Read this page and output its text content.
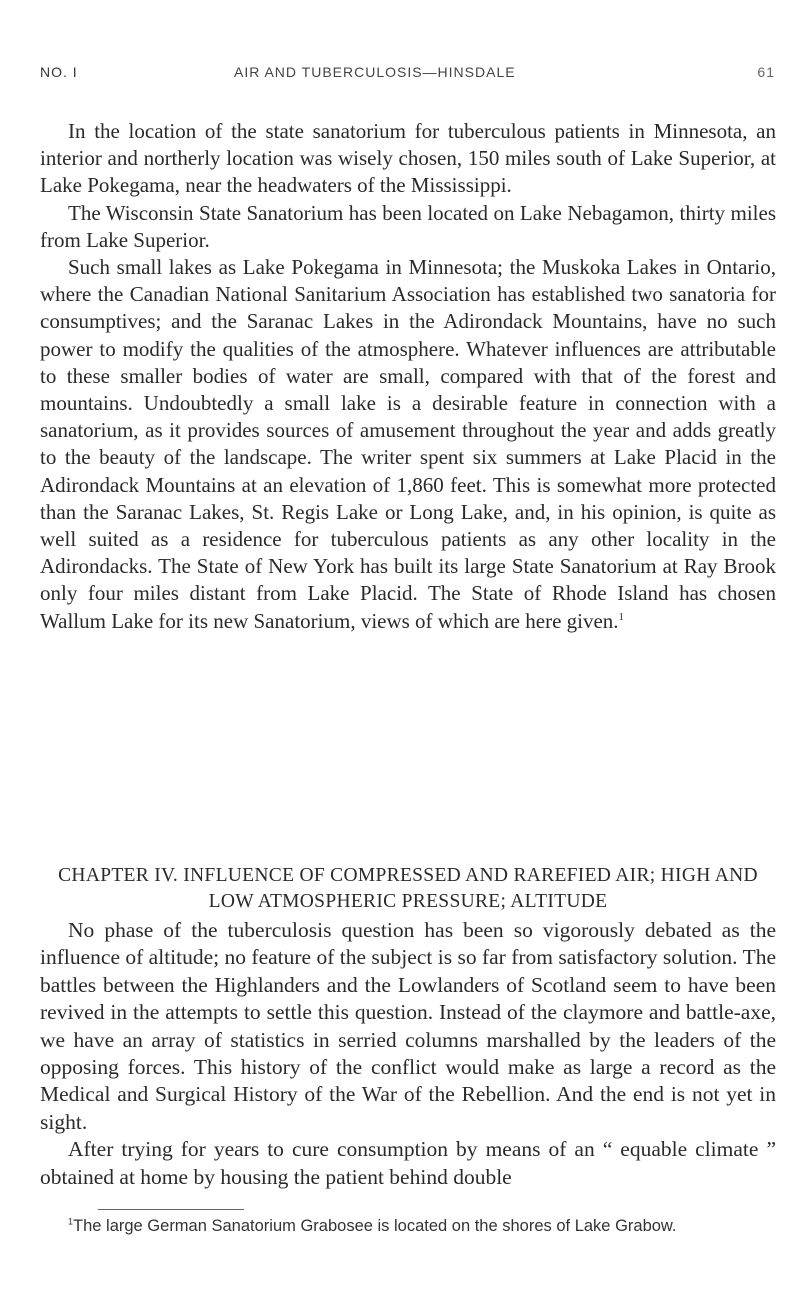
NO. I	AIR AND TUBERCULOSIS—HINSDALE	61

In the location of the state sanatorium for tuberculous patients in Minnesota, an interior and northerly location was wisely chosen, 150 miles south of Lake Superior, at Lake Pokegama, near the headwaters of the Mississippi.

The Wisconsin State Sanatorium has been located on Lake Nebagamon, thirty miles from Lake Superior.

Such small lakes as Lake Pokegama in Minnesota; the Muskoka Lakes in Ontario, where the Canadian National Sanitarium Association has established two sanatoria for consumptives; and the Saranac Lakes in the Adirondack Mountains, have no such power to modify the qualities of the atmosphere. Whatever influences are attributable to these smaller bodies of water are small, compared with that of the forest and mountains. Undoubtedly a small lake is a desirable feature in connection with a sanatorium, as it provides sources of amusement throughout the year and adds greatly to the beauty of the landscape. The writer spent six summers at Lake Placid in the Adirondack Mountains at an elevation of 1,860 feet. This is somewhat more protected than the Saranac Lakes, St. Regis Lake or Long Lake, and, in his opinion, is quite as well suited as a residence for tuberculous patients as any other locality in the Adirondacks. The State of New York has built its large State Sanatorium at Ray Brook only four miles distant from Lake Placid. The State of Rhode Island has chosen Wallum Lake for its new Sanatorium, views of which are here given.$^1$

CHAPTER IV. INFLUENCE OF COMPRESSED AND RAREFIED AIR; HIGH AND LOW ATMOSPHERIC PRESSURE; ALTITUDE

No phase of the tuberculosis question has been so vigorously debated as the influence of altitude; no feature of the subject is so far from satisfactory solution. The battles between the Highlanders and the Lowlanders of Scotland seem to have been revived in the attempts to settle this question. Instead of the claymore and battle-axe, we have an array of statistics in serried columns marshalled by the leaders of the opposing forces. This history of the conflict would make as large a record as the Medical and Surgical History of the War of the Rebellion. And the end is not yet in sight.

After trying for years to cure consumption by means of an “ equable climate ” obtained at home by housing the patient behind double

$^1$The large German Sanatorium Grabosee is located on the shores of Lake Grabow.
